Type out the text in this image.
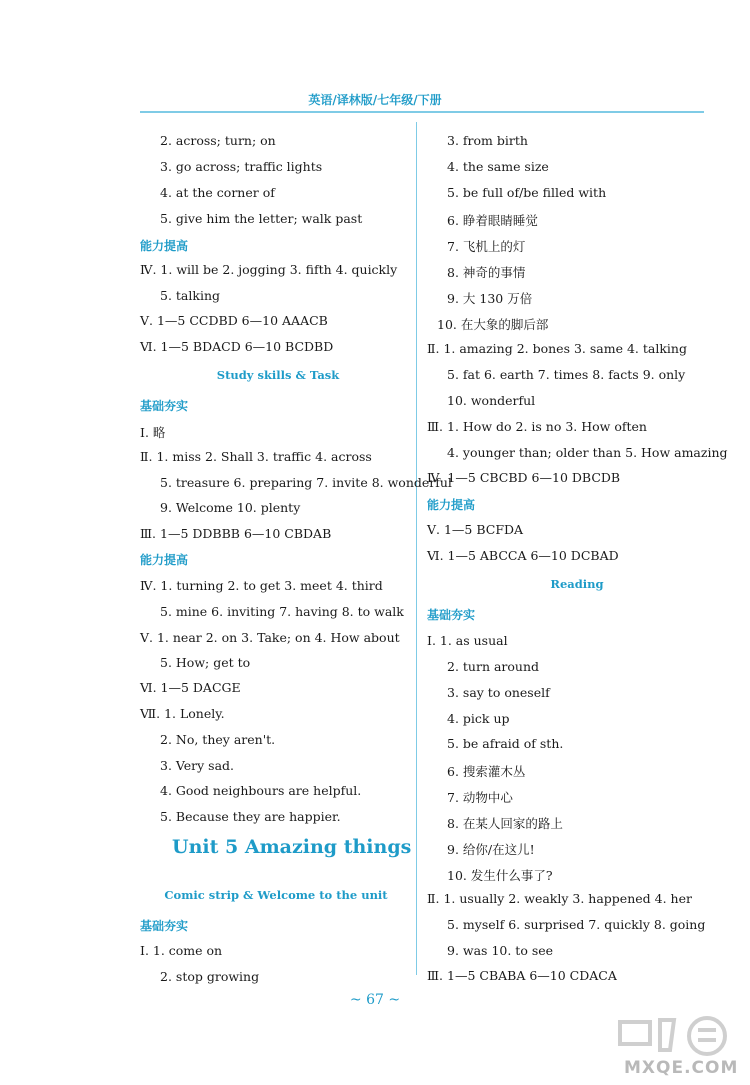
英语/译林版/七年级/下册
2. across; turn; on
3. go across; traffic lights
4. at the corner of
5. give him the letter; walk past
能力提高
Ⅳ. 1. will be 2. jogging 3. fifth 4. quickly
5. talking
Ⅴ. 1—5 CCDBD 6—10 AAACB
Ⅵ. 1—5 BDACD 6—10 BCDBD
Study skills & Task
基础夯实
Ⅰ. 略
Ⅱ. 1. miss 2. Shall 3. traffic 4. across
5. treasure 6. preparing 7. invite 8. wonderful
9. Welcome 10. plenty
Ⅲ. 1—5 DDBBB 6—10 CBDAB
能力提高
Ⅳ. 1. turning 2. to get 3. meet 4. third
5. mine 6. inviting 7. having 8. to walk
Ⅴ. 1. near 2. on 3. Take; on 4. How about
5. How; get to
Ⅵ. 1—5 DACGE
Ⅶ. 1. Lonely.
2. No, they aren't.
3. Very sad.
4. Good neighbours are helpful.
5. Because they are happier.
Unit 5 Amazing things
Comic strip & Welcome to the unit
基础夯实
Ⅰ. 1. come on
2. stop growing
3. from birth
4. the same size
5. be full of/be filled with
6. 睁着眼睛睡觉
7. 飞机上的灯
8. 神奇的事情
9. 大 130 万倍
10. 在大象的脚后部
Ⅱ. 1. amazing 2. bones 3. same 4. talking
5. fat 6. earth 7. times 8. facts 9. only
10. wonderful
Ⅲ. 1. How do 2. is no 3. How often
4. younger than; older than 5. How amazing
Ⅳ. 1—5 CBCBD 6—10 DBCDB
能力提高
Ⅴ. 1—5 BCFDA
Ⅵ. 1—5 ABCCA 6—10 DCBAD
Reading
基础夯实
Ⅰ. 1. as usual
2. turn around
3. say to oneself
4. pick up
5. be afraid of sth.
6. 搜索灌木丛
7. 动物中心
8. 在某人回家的路上
9. 给你/在这儿!
10. 发生什么事了?
Ⅱ. 1. usually 2. weakly 3. happened 4. her
5. myself 6. surprised 7. quickly 8. going
9. was 10. to see
Ⅲ. 1—5 CBABA 6—10 CDACA
~ 67 ~
MXQE.COM
